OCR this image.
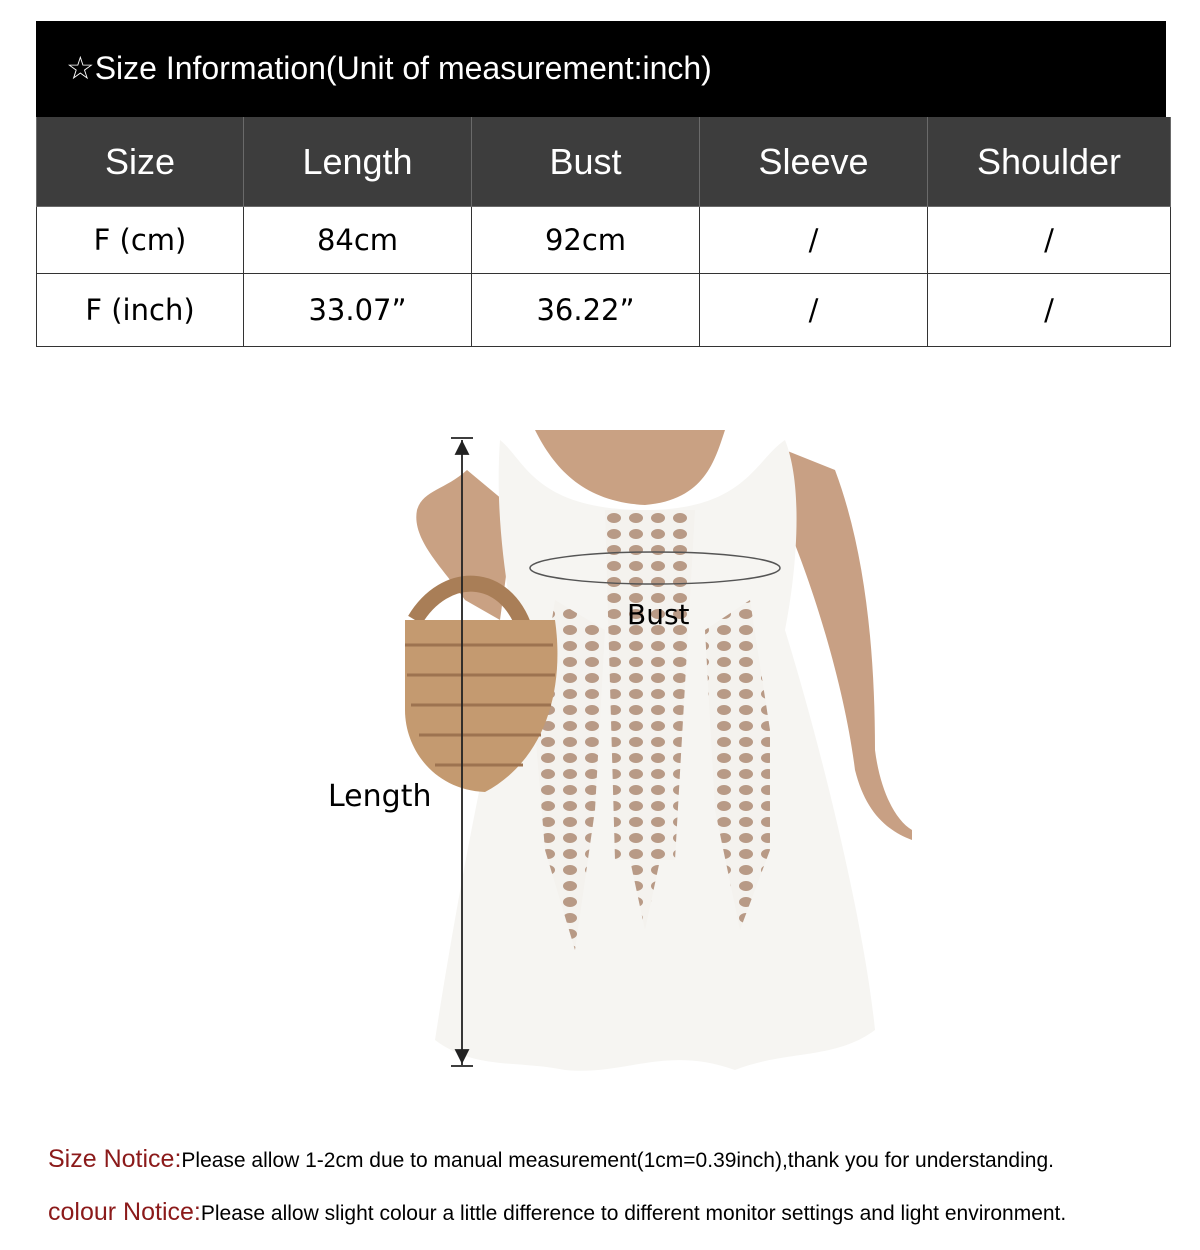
☆Size Information(Unit of measurement:inch)
Size	Length	Bust	Sleeve	Shoulder
F (cm)	84cm	92cm	/	/
F (inch)	33.07”	36.22”	/	/
Length
Bust
Size Notice:Please allow 1-2cm due to manual measurement(1cm=0.39inch),thank you for understanding.
colour Notice:Please allow slight colour a little difference to different monitor settings and light environment.
